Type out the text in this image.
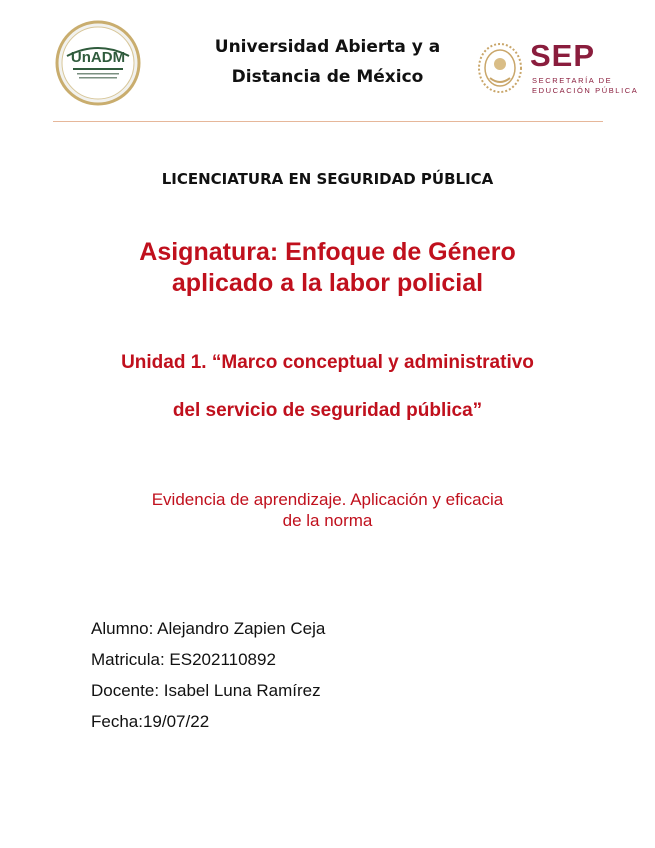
UnADM
Universidad Abierta y a
Distancia de México
SEP
SECRETARÍA DE
EDUCACIÓN PÚBLICA
LICENCIATURA EN SEGURIDAD PÚBLICA
Asignatura: Enfoque de Género
aplicado a la labor policial
Unidad 1. “Marco conceptual y administrativo
del servicio de seguridad pública”
Evidencia de aprendizaje. Aplicación y eficacia
de la norma
Alumno: Alejandro Zapien Ceja
Matricula: ES202110892
Docente: Isabel Luna Ramírez
Fecha:19/07/22
